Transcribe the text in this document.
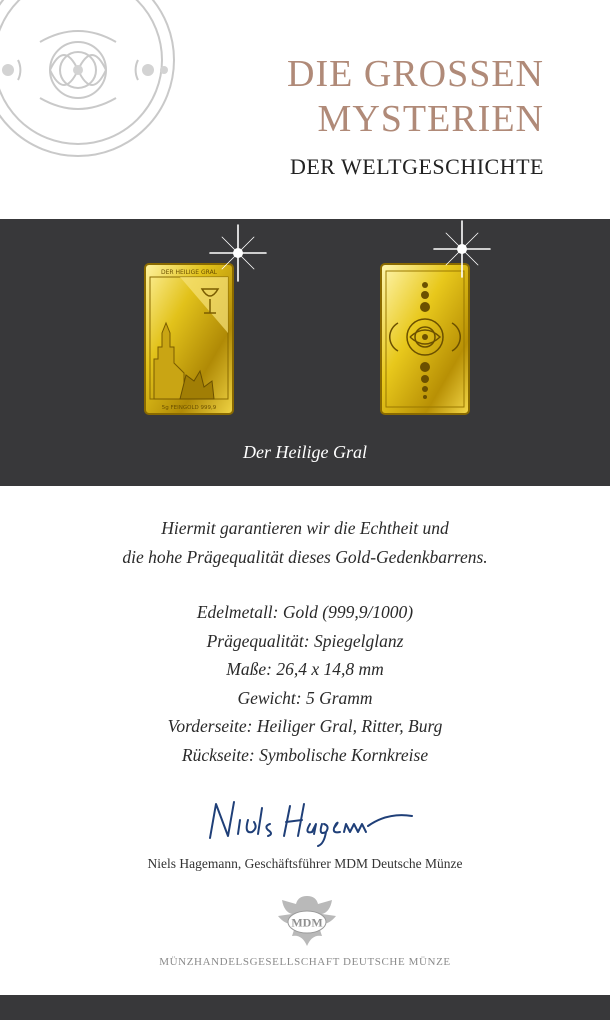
DIE GROSSEN
MYSTERIEN
DER WELTGESCHICHTE
DER HEILIGE GRAL
5g FEINGOLD 999,9
Der Heilige Gral
Hiermit garantieren wir die Echtheit und
die hohe Prägequalität dieses Gold-Gedenkbarrens.
Edelmetall: Gold (999,9/1000)
Prägequalität: Spiegelglanz
Maße: 26,4 x 14,8 mm
Gewicht: 5 Gramm
Vorderseite: Heiliger Gral, Ritter, Burg
Rückseite: Symbolische Kornkreise
Niels Hagemann, Geschäftsführer MDM Deutsche Münze
MDM
MÜNZHANDELSGESELLSCHAFT DEUTSCHE MÜNZE
